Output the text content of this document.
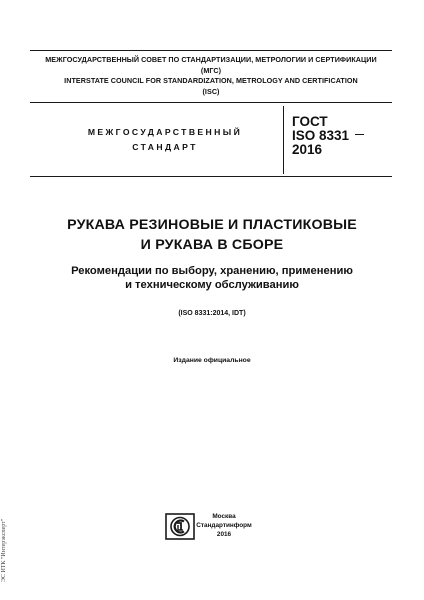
МЕЖГОСУДАРСТВЕННЫЙ СОВЕТ ПО СТАНДАРТИЗАЦИИ, МЕТРОЛОГИИ И СЕРТИФИКАЦИИ
(МГС)
INTERSTATE COUNCIL FOR STANDARDIZATION, METROLOGY AND CERTIFICATION
(ISC)
МЕЖГОСУДАРСТВЕННЫЙ
СТАНДАРТ
ГОСТ
ISO 8331
2016
РУКАВА РЕЗИНОВЫЕ И ПЛАСТИКОВЫЕ
И РУКАВА В СБОРЕ
Рекомендации по выбору, хранению, применению
и техническому обслуживанию
(ISO 8331:2014, IDT)
Издание официальное
Москва
Стандартинформ
2016
ЭС ИТК "Интерэксперт"
